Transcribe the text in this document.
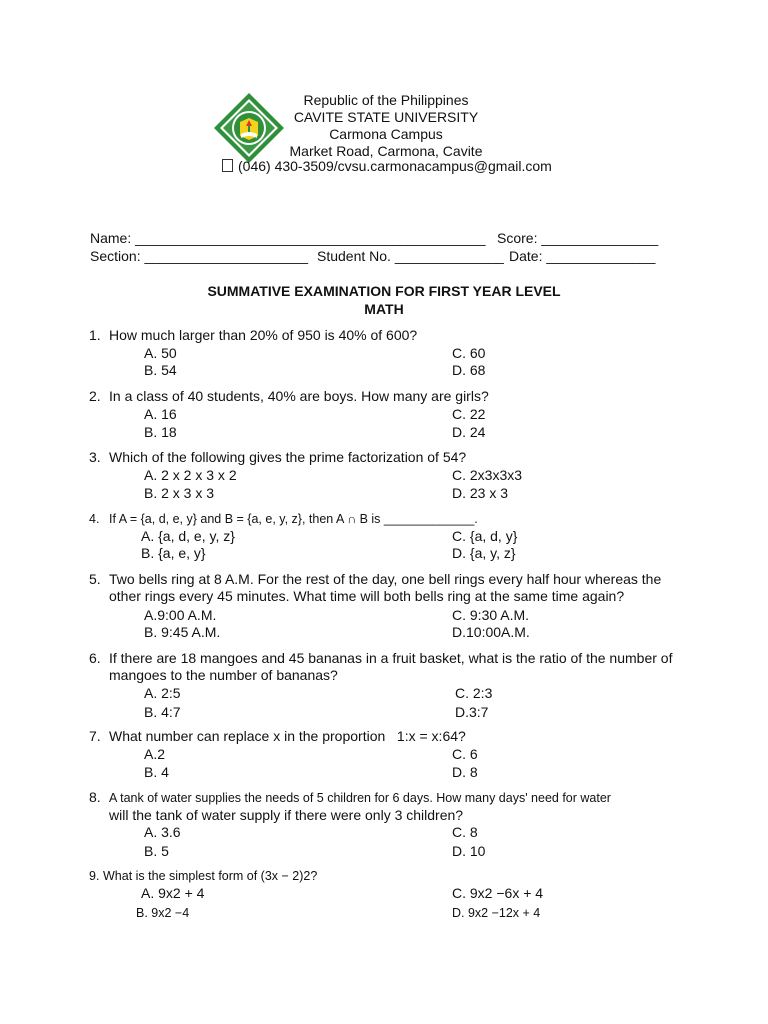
Republic of the Philippines
CAVITE STATE UNIVERSITY
Carmona Campus
Market Road, Carmona, Cavite
(046) 430-3509/cvsu.carmonacampus@gmail.com
Name: _____________________________________________ Score: _______________
Section: _____________________ Student No. ______________ Date: ______________
SUMMATIVE EXAMINATION FOR FIRST YEAR LEVEL
MATH
1. How much larger than 20% of 950 is 40% of 600?
A. 50	C. 60
B. 54	D. 68
2. In a class of 40 students, 40% are boys. How many are girls?
A. 16	C. 22
B. 18	D. 24
3. Which of the following gives the prime factorization of 54?
A. 2 x 2 x 3 x 2	C. 2x3x3x3
B. 2 x 3 x 3	D. 23 x 3
4. If A = {a, d, e, y} and B = {a, e, y, z}, then A ∩ B is _____________.
A. {a, d, e, y, z}	C. {a, d, y}
B. {a, e, y}	D. {a, y, z}
5. Two bells ring at 8 A.M. For the rest of the day, one bell rings every half hour whereas the
other rings every 45 minutes. What time will both bells ring at the same time again?
A.9:00 A.M.	C. 9:30 A.M.
B. 9:45 A.M.	D.10:00A.M.
6. If there are 18 mangoes and 45 bananas in a fruit basket, what is the ratio of the number of
mangoes to the number of bananas?
A. 2:5	C. 2:3
B. 4:7	D.3:7
7. What number can replace x in the proportion   1:x = x:64?
A.2	C. 6
B. 4	D. 8
8. A tank of water supplies the needs of 5 children for 6 days. How many days' need for water
will the tank of water supply if there were only 3 children?
A. 3.6	C. 8
B. 5	D. 10
9. What is the simplest form of (3x − 2)2?
A. 9x2 + 4	C. 9x2 −6x + 4
B. 9x2 −4	D. 9x2 −12x + 4
